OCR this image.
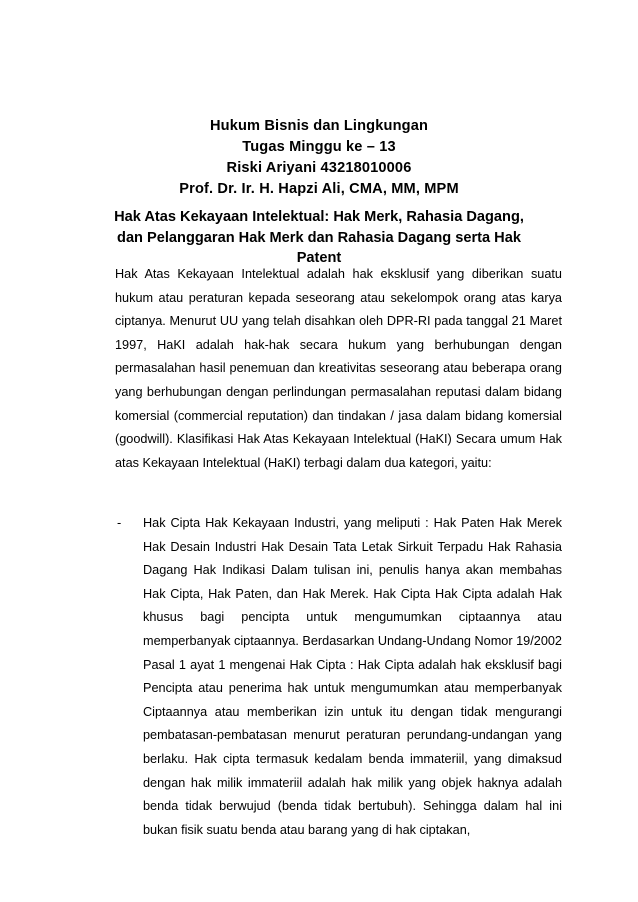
Hukum Bisnis dan Lingkungan
Tugas Minggu ke – 13
Riski Ariyani 43218010006
Prof. Dr. Ir. H. Hapzi Ali, CMA, MM, MPM
Hak Atas Kekayaan Intelektual: Hak Merk, Rahasia Dagang, dan Pelanggaran Hak Merk dan Rahasia Dagang serta Hak Patent
Hak Atas Kekayaan Intelektual adalah hak eksklusif yang diberikan suatu hukum atau peraturan kepada seseorang atau sekelompok orang atas karya ciptanya. Menurut UU yang telah disahkan oleh DPR-RI pada tanggal 21 Maret 1997, HaKI adalah hak-hak secara hukum yang berhubungan dengan permasalahan hasil penemuan dan kreativitas seseorang atau beberapa orang yang berhubungan dengan perlindungan permasalahan reputasi dalam bidang komersial (commercial reputation) dan tindakan / jasa dalam bidang komersial (goodwill). Klasifikasi Hak Atas Kekayaan Intelektual (HaKI) Secara umum Hak atas Kekayaan Intelektual (HaKI) terbagi dalam dua kategori, yaitu:
- Hak Cipta Hak Kekayaan Industri, yang meliputi : Hak Paten Hak Merek Hak Desain Industri Hak Desain Tata Letak Sirkuit Terpadu Hak Rahasia Dagang Hak Indikasi Dalam tulisan ini, penulis hanya akan membahas Hak Cipta, Hak Paten, dan Hak Merek. Hak Cipta Hak Cipta adalah Hak khusus bagi pencipta untuk mengumumkan ciptaannya atau memperbanyak ciptaannya. Berdasarkan Undang-Undang Nomor 19/2002 Pasal 1 ayat 1 mengenai Hak Cipta : Hak Cipta adalah hak eksklusif bagi Pencipta atau penerima hak untuk mengumumkan atau memperbanyak Ciptaannya atau memberikan izin untuk itu dengan tidak mengurangi pembatasan-pembatasan menurut peraturan perundang-undangan yang berlaku. Hak cipta termasuk kedalam benda immateriil, yang dimaksud dengan hak milik immateriil adalah hak milik yang objek haknya adalah benda tidak berwujud (benda tidak bertubuh). Sehingga dalam hal ini bukan fisik suatu benda atau barang yang di hak ciptakan,
